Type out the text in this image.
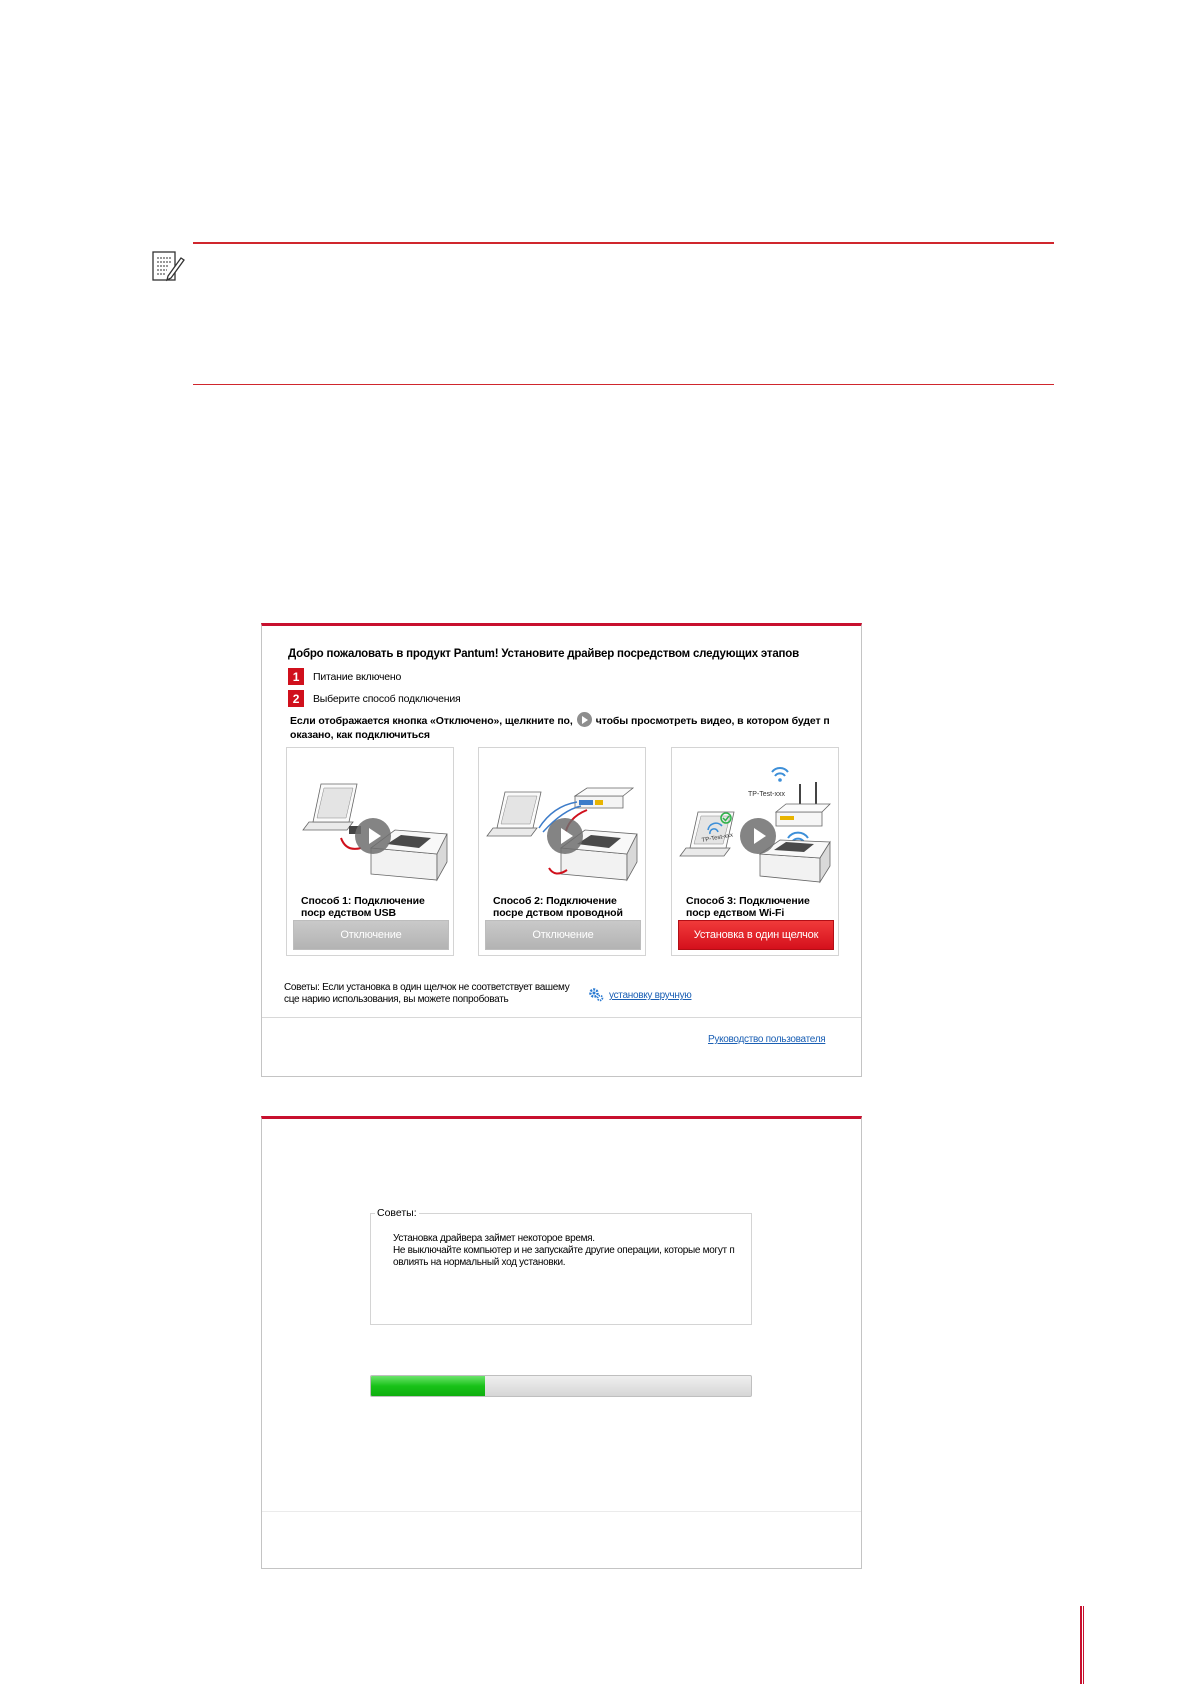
Добро пожаловать в продукт Pantum! Установите драйвер посредством следующих этапов
1	Питание включено
2	Выберите способ подключения
Если отображается кнопка «Отключено», щелкните по, чтобы просмотреть видео, в котором будет п оказано, как подключиться
Способ 1: Подключение поср едством USB
Отключение
Способ 2: Подключение посре дством проводной
Отключение
TP-Test-xxx
TP-Test-xxx
Способ 3: Подключение поср едством Wi-Fi
Установка в один щелчок
Советы: Если установка в один щелчок не соответствует вашему сце нарию использования, вы можете попробовать	установку вручную
Руководство пользователя
Советы:
Установка драйвера займет некоторое время.
Не выключайте компьютер и не запускайте другие операции, которые могут п
овлиять на нормальный ход установки.
